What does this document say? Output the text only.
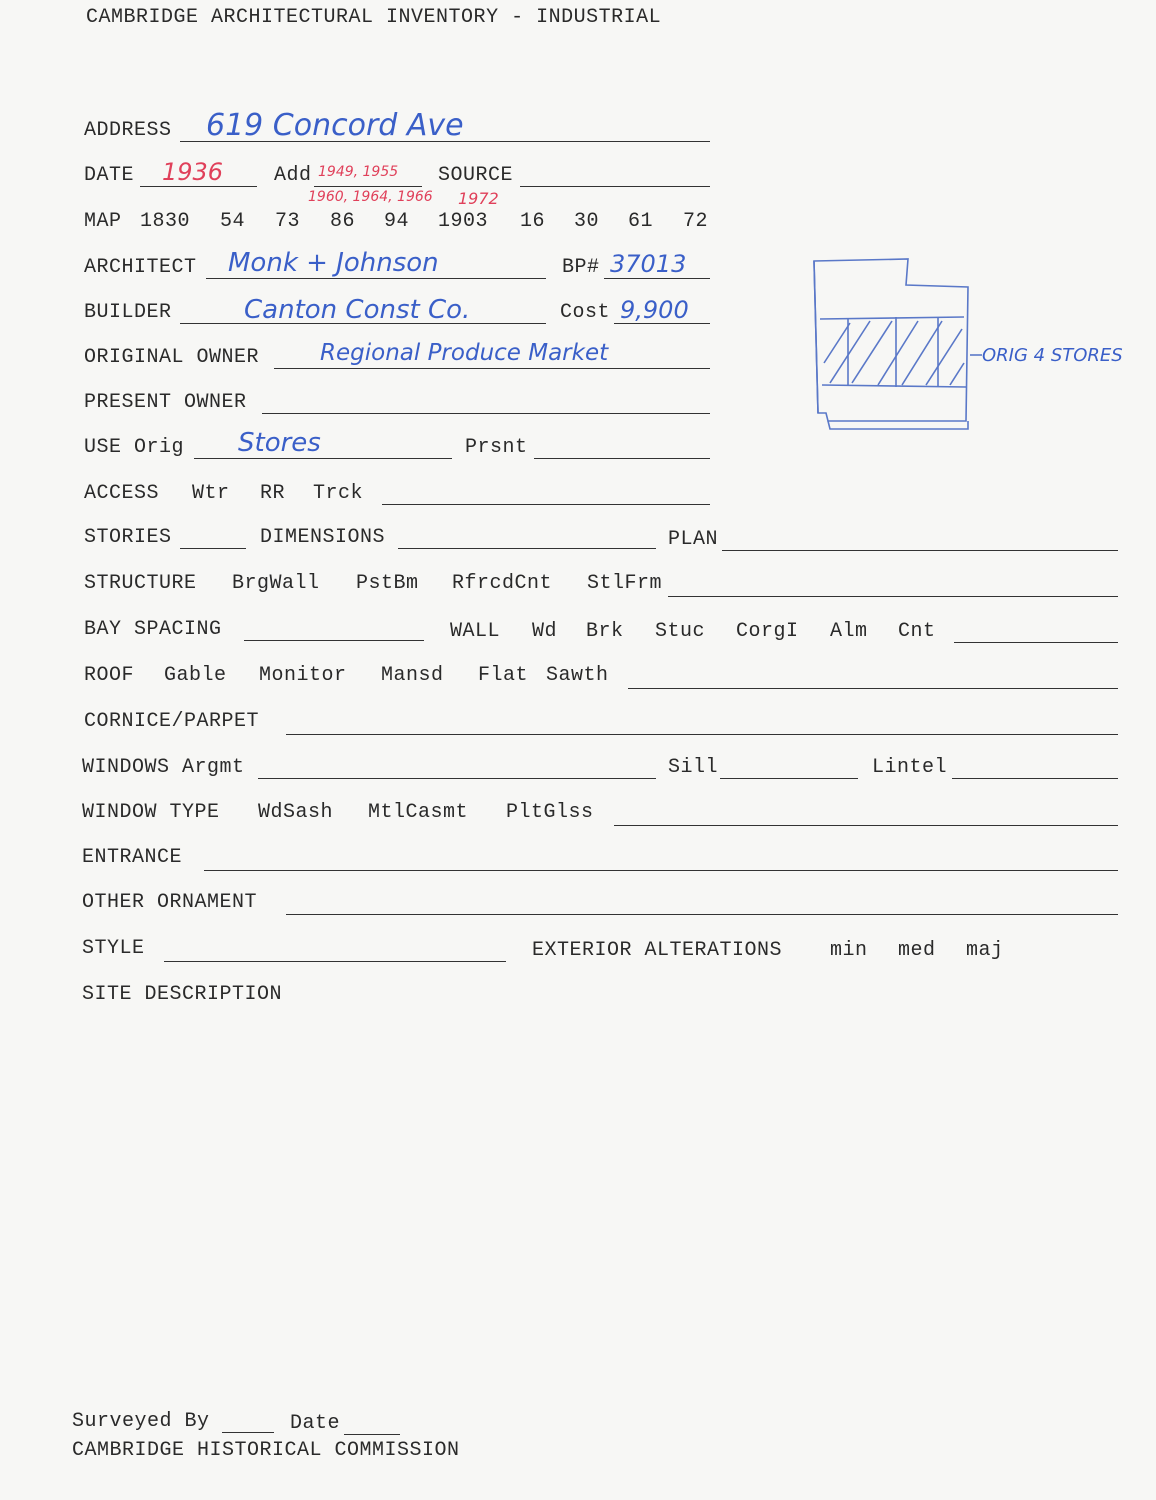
CAMBRIDGE ARCHITECTURAL INVENTORY - INDUSTRIAL
ADDRESS 619 Concord Ave
DATE 1936	Add 1949, 1955
1960, 1964, 1966 1972
SOURCE
MAP 1830 54 73 86 94 1903 16 30 61 72
ARCHITECT Monk + Johnson	BP# 37013
BUILDER	Canton Const Co.	Cost 9,900
ORIGINAL OWNER	Regional Produce Market
PRESENT OWNER
USE Orig Stores	Prsnt
ACCESS Wtr RR Trck
STORIES	DIMENSIONS	PLAN
STRUCTURE BrgWall PstBm RfrcdCnt StlFrm
BAY SPACING	WALL Wd Brk Stuc CorgI Alm Cnt
ROOF Gable Monitor Mansd Flat Sawth
CORNICE/PARPET
WINDOWS Argmt	Sill	Lintel
WINDOW TYPE WdSash MtlCasmt PltGlss
ENTRANCE
OTHER ORNAMENT
STYLE	EXTERIOR ALTERATIONS min med maj
SITE DESCRIPTION
Surveyed By	Date
CAMBRIDGE HISTORICAL COMMISSION
ORIG 4 STORES
